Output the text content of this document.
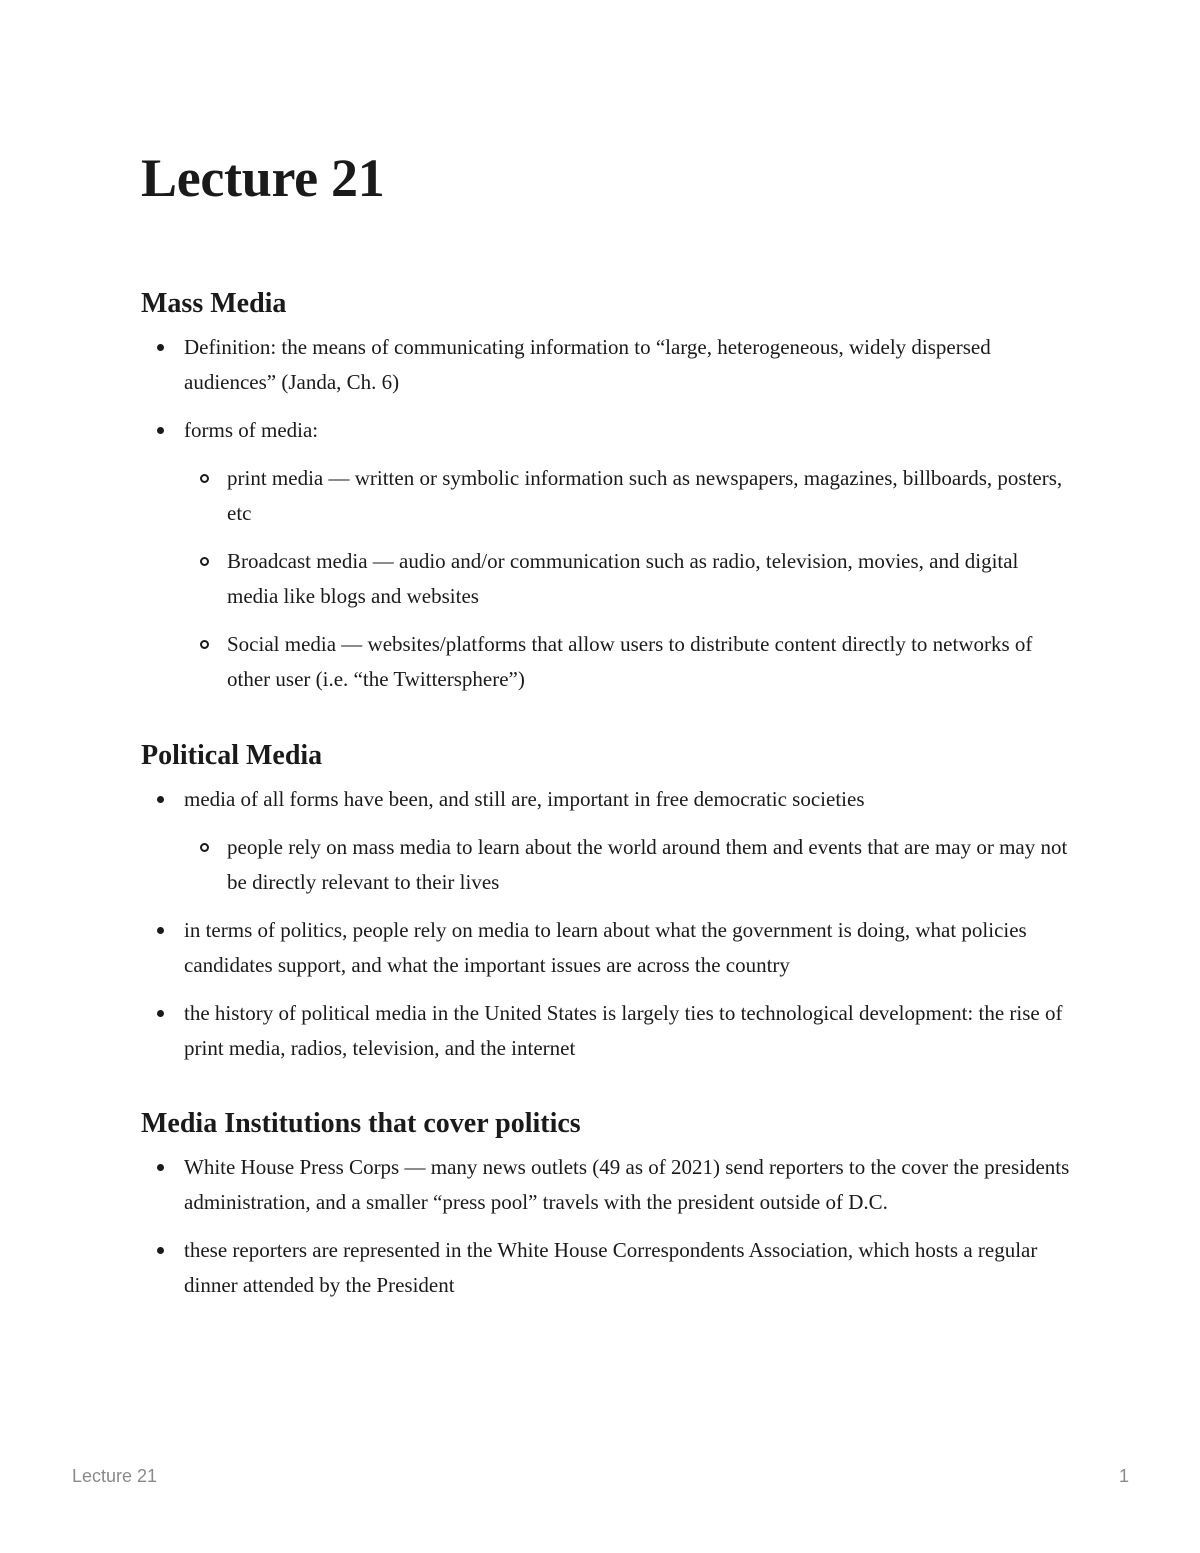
Lecture 21
Mass Media
Definition: the means of communicating information to “large, heterogeneous, widely dispersed audiences” (Janda, Ch. 6)
forms of media:
print media — written or symbolic information such as newspapers, magazines, billboards, posters, etc
Broadcast media — audio and/or communication such as radio, television, movies, and digital media like blogs and websites
Social media — websites/platforms that allow users to distribute content directly to networks of other user (i.e. “the Twittersphere”)
Political Media
media of all forms have been, and still are, important in free democratic societies
people rely on mass media to learn about the world around them and events that are may or may not be directly relevant to their lives
in terms of politics, people rely on media to learn about what the government is doing, what policies candidates support, and what the important issues are across the country
the history of political media in the United States is largely ties to technological development: the rise of print media, radios, television, and the internet
Media Institutions that cover politics
White House Press Corps — many news outlets (49 as of 2021) send reporters to the cover the presidents administration, and a smaller “press pool” travels with the president outside of D.C.
these reporters are represented in the White House Correspondents Association, which hosts a regular dinner attended by the President
Lecture 21	1
